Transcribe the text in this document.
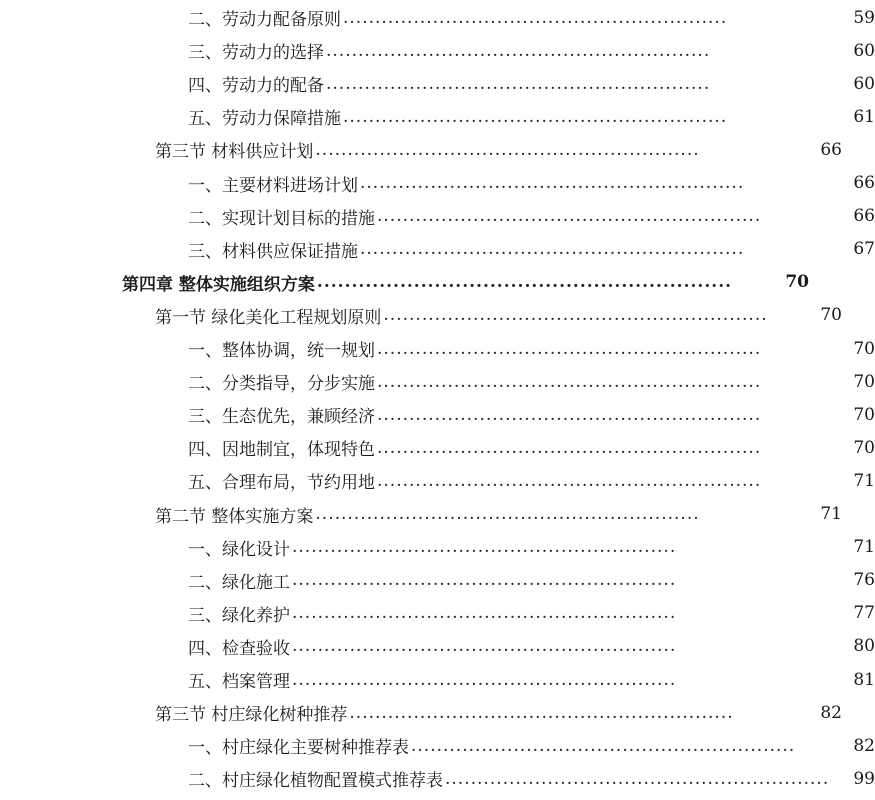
二、劳动力配备原则 ............................................................	59
三、劳动力的选择 ............................................................	60
四、劳动力的配备 ............................................................	60
五、劳动力保障措施 ............................................................	61
第三节 材料供应计划 ............................................................	66
一、主要材料进场计划 ............................................................	66
二、实现计划目标的措施 ............................................................	66
三、材料供应保证措施 ............................................................	67
第四章 整体实施组织方案 ............................................................	70
第一节 绿化美化工程规划原则 ............................................................	70
一、整体协调，统一规划 ............................................................	70
二、分类指导，分步实施 ............................................................	70
三、生态优先，兼顾经济 ............................................................	70
四、因地制宜，体现特色 ............................................................	70
五、合理布局，节约用地 ............................................................	71
第二节 整体实施方案 ............................................................	71
一、绿化设计 ............................................................	71
二、绿化施工 ............................................................	76
三、绿化养护 ............................................................	77
四、检查验收 ............................................................	80
五、档案管理 ............................................................	81
第三节 村庄绿化树种推荐 ............................................................	82
一、村庄绿化主要树种推荐表 ............................................................	82
二、村庄绿化植物配置模式推荐表 ............................................................	99
